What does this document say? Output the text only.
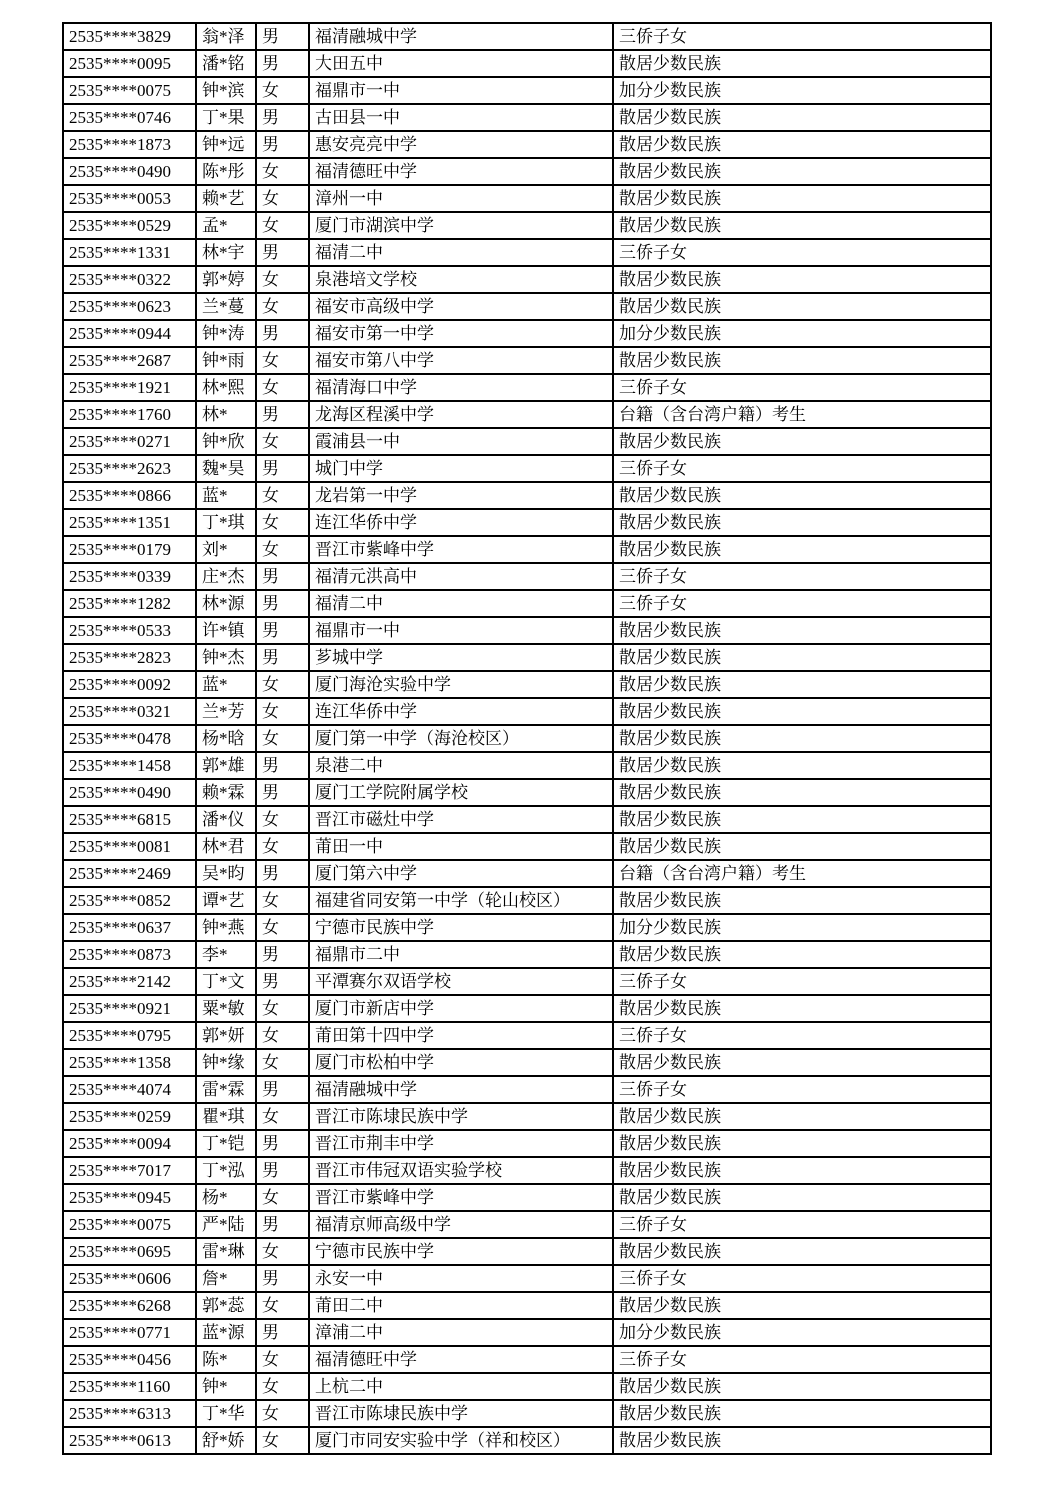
2535****3829	翁*泽	男	福清融城中学	三侨子女
2535****0095	潘*铭	男	大田五中	散居少数民族
2535****0075	钟*滨	女	福鼎市一中	加分少数民族
2535****0746	丁*果	男	古田县一中	散居少数民族
2535****1873	钟*远	男	惠安亮亮中学	散居少数民族
2535****0490	陈*彤	女	福清德旺中学	散居少数民族
2535****0053	赖*艺	女	漳州一中	散居少数民族
2535****0529	孟*	女	厦门市湖滨中学	散居少数民族
2535****1331	林*宇	男	福清二中	三侨子女
2535****0322	郭*婷	女	泉港培文学校	散居少数民族
2535****0623	兰*蔓	女	福安市高级中学	散居少数民族
2535****0944	钟*涛	男	福安市第一中学	加分少数民族
2535****2687	钟*雨	女	福安市第八中学	散居少数民族
2535****1921	林*熙	女	福清海口中学	三侨子女
2535****1760	林*	男	龙海区程溪中学	台籍（含台湾户籍）考生
2535****0271	钟*欣	女	霞浦县一中	散居少数民族
2535****2623	魏*昊	男	城门中学	三侨子女
2535****0866	蓝*	女	龙岩第一中学	散居少数民族
2535****1351	丁*琪	女	连江华侨中学	散居少数民族
2535****0179	刘*	女	晋江市紫峰中学	散居少数民族
2535****0339	庄*杰	男	福清元洪高中	三侨子女
2535****1282	林*源	男	福清二中	三侨子女
2535****0533	许*镇	男	福鼎市一中	散居少数民族
2535****2823	钟*杰	男	芗城中学	散居少数民族
2535****0092	蓝*	女	厦门海沧实验中学	散居少数民族
2535****0321	兰*芳	女	连江华侨中学	散居少数民族
2535****0478	杨*晗	女	厦门第一中学（海沧校区）	散居少数民族
2535****1458	郭*雄	男	泉港二中	散居少数民族
2535****0490	赖*霖	男	厦门工学院附属学校	散居少数民族
2535****6815	潘*仪	女	晋江市磁灶中学	散居少数民族
2535****0081	林*君	女	莆田一中	散居少数民族
2535****2469	吴*昀	男	厦门第六中学	台籍（含台湾户籍）考生
2535****0852	谭*艺	女	福建省同安第一中学（轮山校区）	散居少数民族
2535****0637	钟*燕	女	宁德市民族中学	加分少数民族
2535****0873	李*	男	福鼎市二中	散居少数民族
2535****2142	丁*文	男	平潭赛尔双语学校	三侨子女
2535****0921	粟*敏	女	厦门市新店中学	散居少数民族
2535****0795	郭*妍	女	莆田第十四中学	三侨子女
2535****1358	钟*缘	女	厦门市松柏中学	散居少数民族
2535****4074	雷*霖	男	福清融城中学	三侨子女
2535****0259	瞿*琪	女	晋江市陈埭民族中学	散居少数民族
2535****0094	丁*铠	男	晋江市荆丰中学	散居少数民族
2535****7017	丁*泓	男	晋江市伟冠双语实验学校	散居少数民族
2535****0945	杨*	女	晋江市紫峰中学	散居少数民族
2535****0075	严*陆	男	福清京师高级中学	三侨子女
2535****0695	雷*琳	女	宁德市民族中学	散居少数民族
2535****0606	詹*	男	永安一中	三侨子女
2535****6268	郭*蕊	女	莆田二中	散居少数民族
2535****0771	蓝*源	男	漳浦二中	加分少数民族
2535****0456	陈*	女	福清德旺中学	三侨子女
2535****1160	钟*	女	上杭二中	散居少数民族
2535****6313	丁*华	女	晋江市陈埭民族中学	散居少数民族
2535****0613	舒*娇	女	厦门市同安实验中学（祥和校区）	散居少数民族
